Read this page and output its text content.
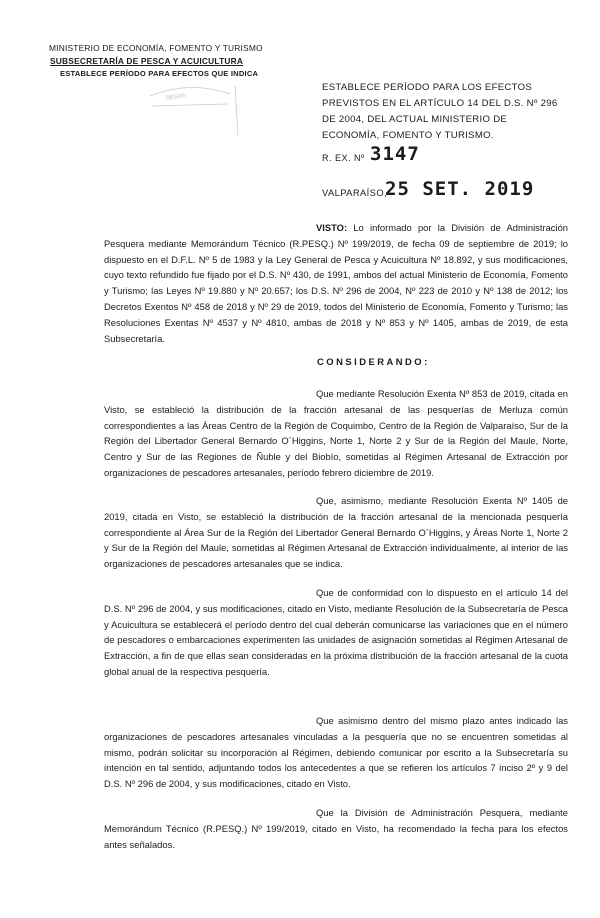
MINISTERIO DE ECONOMÍA, FOMENTO Y TURISMO
SUBSECRETARÍA DE PESCA Y ACUICULTURA
ESTABLECE PERÍODO PARA EFECTOS QUE INDICA
DESPA
· · ·	· · ·
ESTABLECE PERÍODO PARA LOS EFECTOS PREVISTOS EN EL ARTÍCULO 14 DEL D.S. Nº 296 DE 2004, DEL ACTUAL MINISTERIO DE ECONOMÍA, FOMENTO Y TURISMO.
R. EX. Nº 3147
VALPARAÍSO,
25 SET. 2019
VISTO: Lo informado por la División de Administración Pesquera mediante Memorándum Técnico (R.PESQ.) Nº 199/2019, de fecha 09 de septiembre de 2019; lo dispuesto en el D.F.L. Nº 5 de 1983 y la Ley General de Pesca y Acuicultura Nº 18.892, y sus modificaciones, cuyo texto refundido fue fijado por el D.S. Nº 430, de 1991, ambos del actual Ministerio de Economía, Fomento y Turismo; las Leyes Nº 19.880 y Nº 20.657; los D.S. Nº 296 de 2004, Nº 223 de 2010 y Nº 138 de 2012; los Decretos Exentos Nº 458 de 2018 y Nº 29 de 2019, todos del Ministerio de Economía, Fomento y Turismo; las Resoluciones Exentas Nº 4537 y Nº 4810, ambas de 2018 y Nº 853 y Nº 1405, ambas de 2019, de esta Subsecretaría.
CONSIDERANDO:
Que mediante Resolución Exenta Nº 853 de 2019, citada en Visto, se estableció la distribución de la fracción artesanal de las pesquerías de Merluza común correspondientes a las Áreas Centro de la Región de Coquimbo, Centro de la Región de Valparaíso, Sur de la Región del Libertador General Bernardo O´Higgins, Norte 1, Norte 2 y Sur de la Región del Maule, Norte, Centro y Sur de las Regiones de Ñuble y del Biobío, sometidas al Régimen Artesanal de Extracción por organizaciones de pescadores artesanales, período febrero diciembre de 2019.
Que, asimismo, mediante Resolución Exenta Nº 1405 de 2019, citada en Visto, se estableció la distribución de la fracción artesanal de la mencionada pesquería correspondiente al Área Sur de la Región del Libertador General Bernardo O´Higgins, y Áreas Norte 1, Norte 2 y Sur de la Región del Maule, sometidas al Régimen Artesanal de Extracción individualmente, al interior de las organizaciones de pescadores artesanales que se indica.
Que de conformidad con lo dispuesto en el artículo 14 del D.S. Nº 296 de 2004, y sus modificaciones, citado en Visto, mediante Resolución de la Subsecretaría de Pesca y Acuicultura se establecerá el período dentro del cual deberán comunicarse las variaciones que en el número de pescadores o embarcaciones experimenten las unidades de asignación sometidas al Régimen Artesanal de Extracción, a fin de que ellas sean consideradas en la próxima distribución de la fracción artesanal de la cuota global anual de la respectiva pesquería.
Que asimismo dentro del mismo plazo antes indicado las organizaciones de pescadores artesanales vinculadas a la pesquería que no se encuentren sometidas al mismo, podrán solicitar su incorporación al Régimen, debiendo comunicar por escrito a la Subsecretaría su intención en tal sentido, adjuntando todos los antecedentes a que se refieren los artículos 7 inciso 2º y 9 del D.S. Nº 296 de 2004, y sus modificaciones, citado en Visto.
Que la División de Administración Pesquera, mediante Memorándum Técnico (R.PESQ.) Nº 199/2019, citado en Visto, ha recomendado la fecha para los efectos antes señalados.
